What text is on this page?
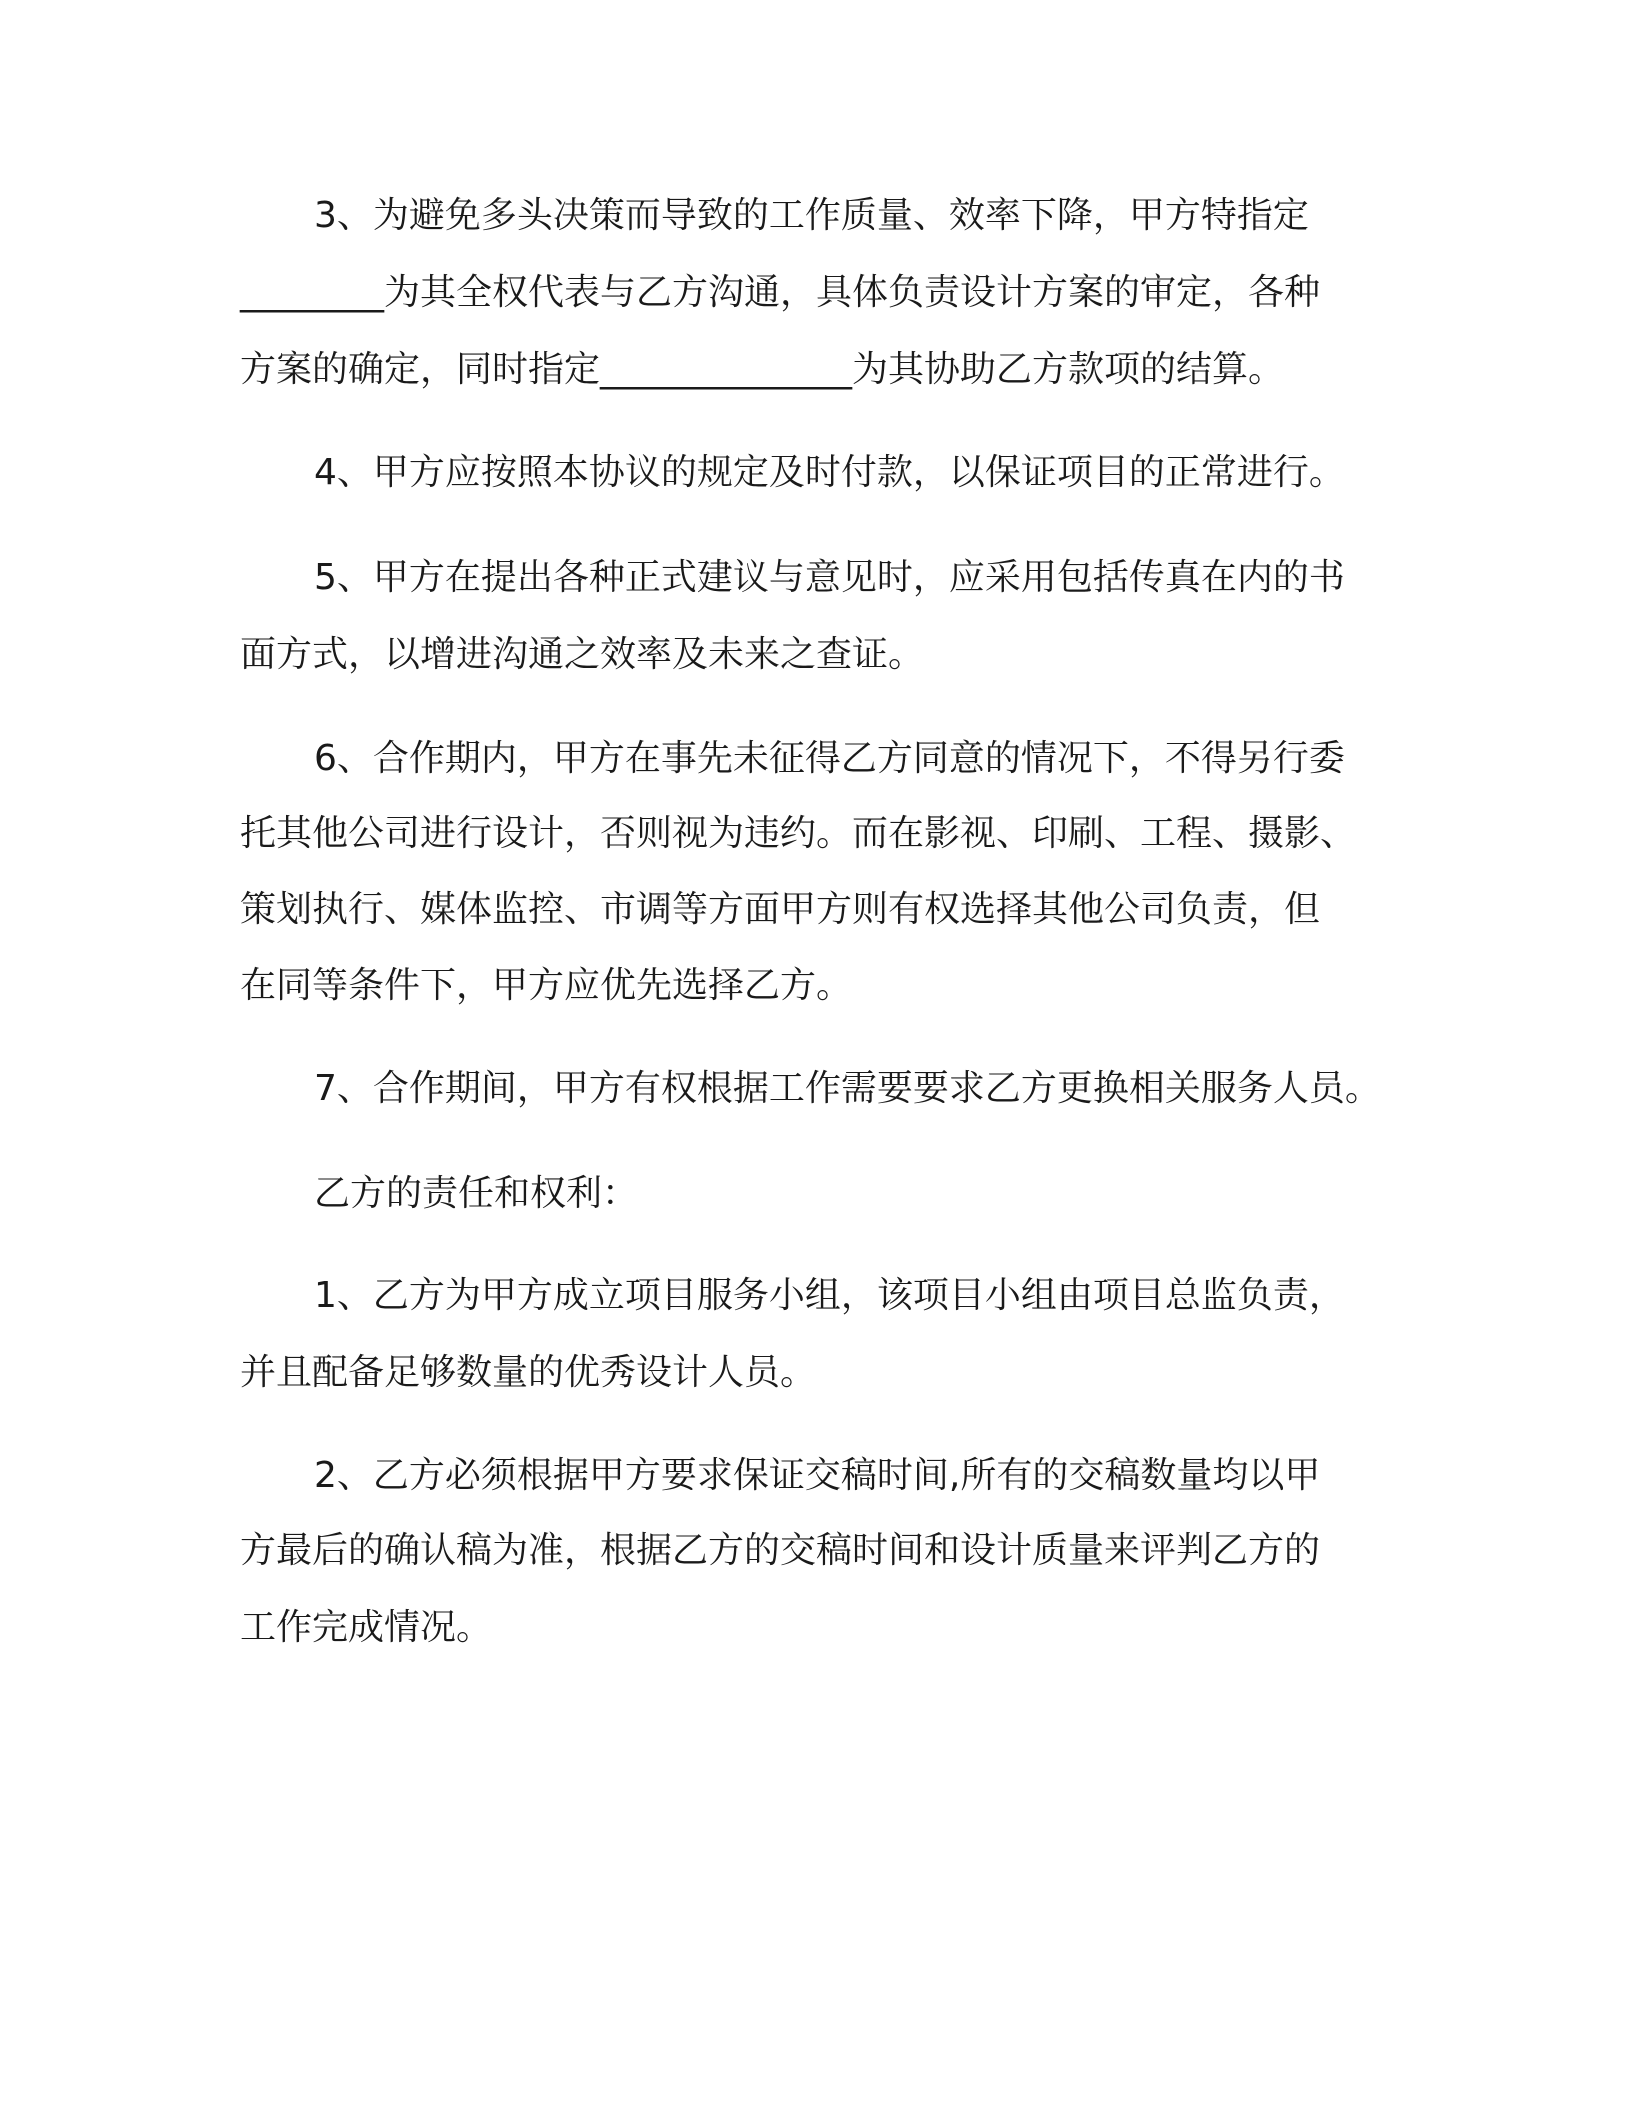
3、为避免多头决策而导致的工作质量、效率下降，甲方特指定
________为其全权代表与乙方沟通，具体负责设计方案的审定，各种
方案的确定，同时指定______________为其协助乙方款项的结算。
4、甲方应按照本协议的规定及时付款，以保证项目的正常进行。
5、甲方在提出各种正式建议与意见时，应采用包括传真在内的书
面方式，以增进沟通之效率及未来之查证。
6、合作期内，甲方在事先未征得乙方同意的情况下，不得另行委
托其他公司进行设计，否则视为违约。而在影视、印刷、工程、摄影、
策划执行、媒体监控、市调等方面甲方则有权选择其他公司负责，但
在同等条件下，甲方应优先选择乙方。
7、合作期间，甲方有权根据工作需要要求乙方更换相关服务人员。
乙方的责任和权利：
1、乙方为甲方成立项目服务小组，该项目小组由项目总监负责，
并且配备足够数量的优秀设计人员。
2、乙方必须根据甲方要求保证交稿时间,所有的交稿数量均以甲
方最后的确认稿为准，根据乙方的交稿时间和设计质量来评判乙方的
工作完成情况。
